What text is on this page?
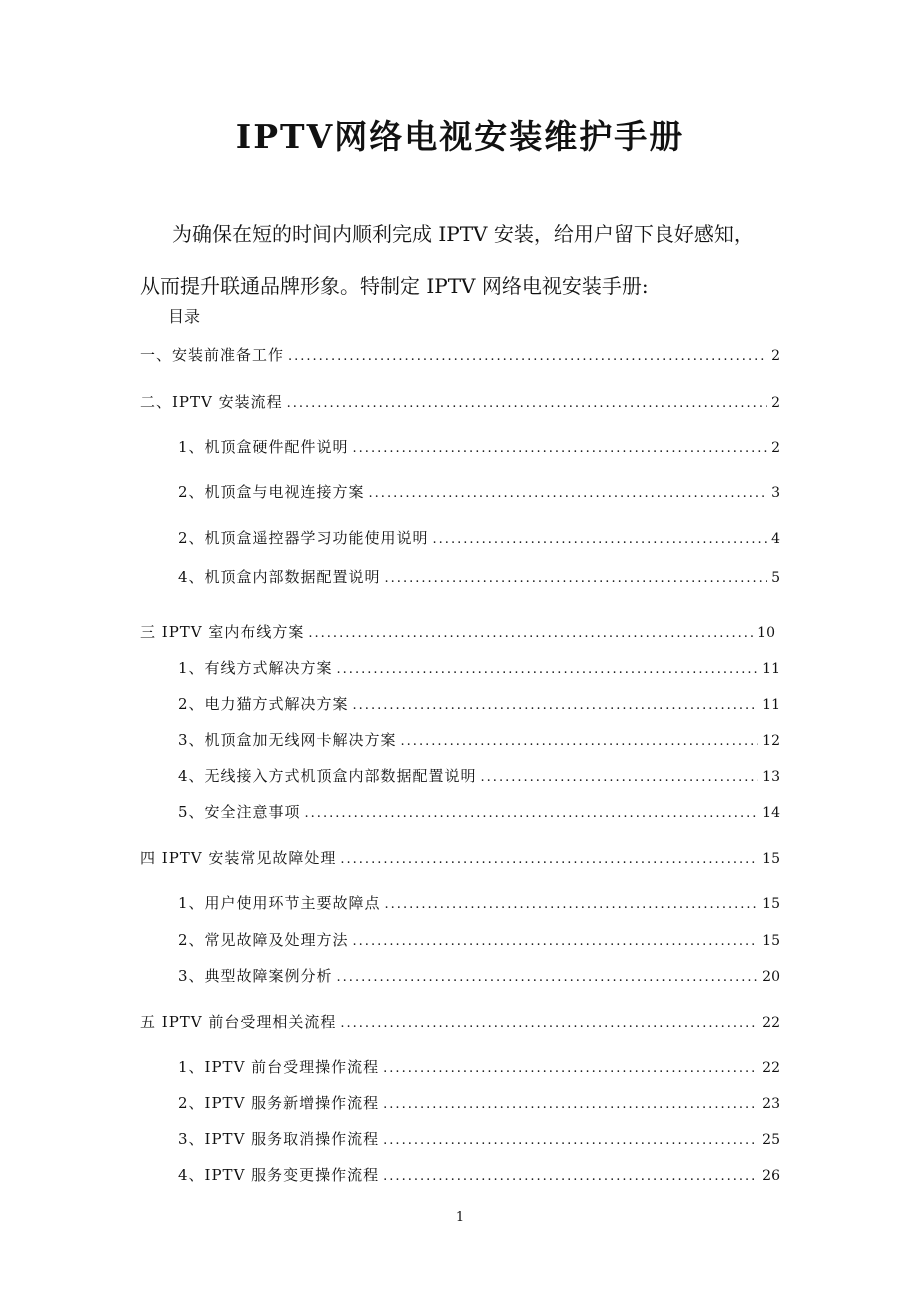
IPTV网络电视安装维护手册
为确保在短的时间内顺利完成 IPTV 安装，给用户留下良好感知，
从而提升联通品牌形象。特制定 IPTV 网络电视安装手册:
目录
一、安装前准备工作 .....	2
二、IPTV 安装流程 .....	2
1、机顶盒硬件配件说明 .....	2
2、机顶盒与电视连接方案 .....	3
2、机顶盒遥控器学习功能使用说明 .....	4
4、机顶盒内部数据配置说明 .....	5
三 IPTV 室内布线方案 .....	10
1、有线方式解决方案 .....	11
2、电力猫方式解决方案 .....	11
3、机顶盒加无线网卡解决方案 .....	12
4、无线接入方式机顶盒内部数据配置说明 .....	13
5、安全注意事项 .....	14
四 IPTV 安装常见故障处理 .....	15
1、用户使用环节主要故障点 .....	15
2、常见故障及处理方法 .....	15
3、典型故障案例分析 .....	20
五 IPTV 前台受理相关流程 .....	22
1、IPTV 前台受理操作流程 .....	22
2、IPTV 服务新增操作流程 .....	23
3、IPTV 服务取消操作流程 .....	25
4、IPTV 服务变更操作流程 .....	26
1
